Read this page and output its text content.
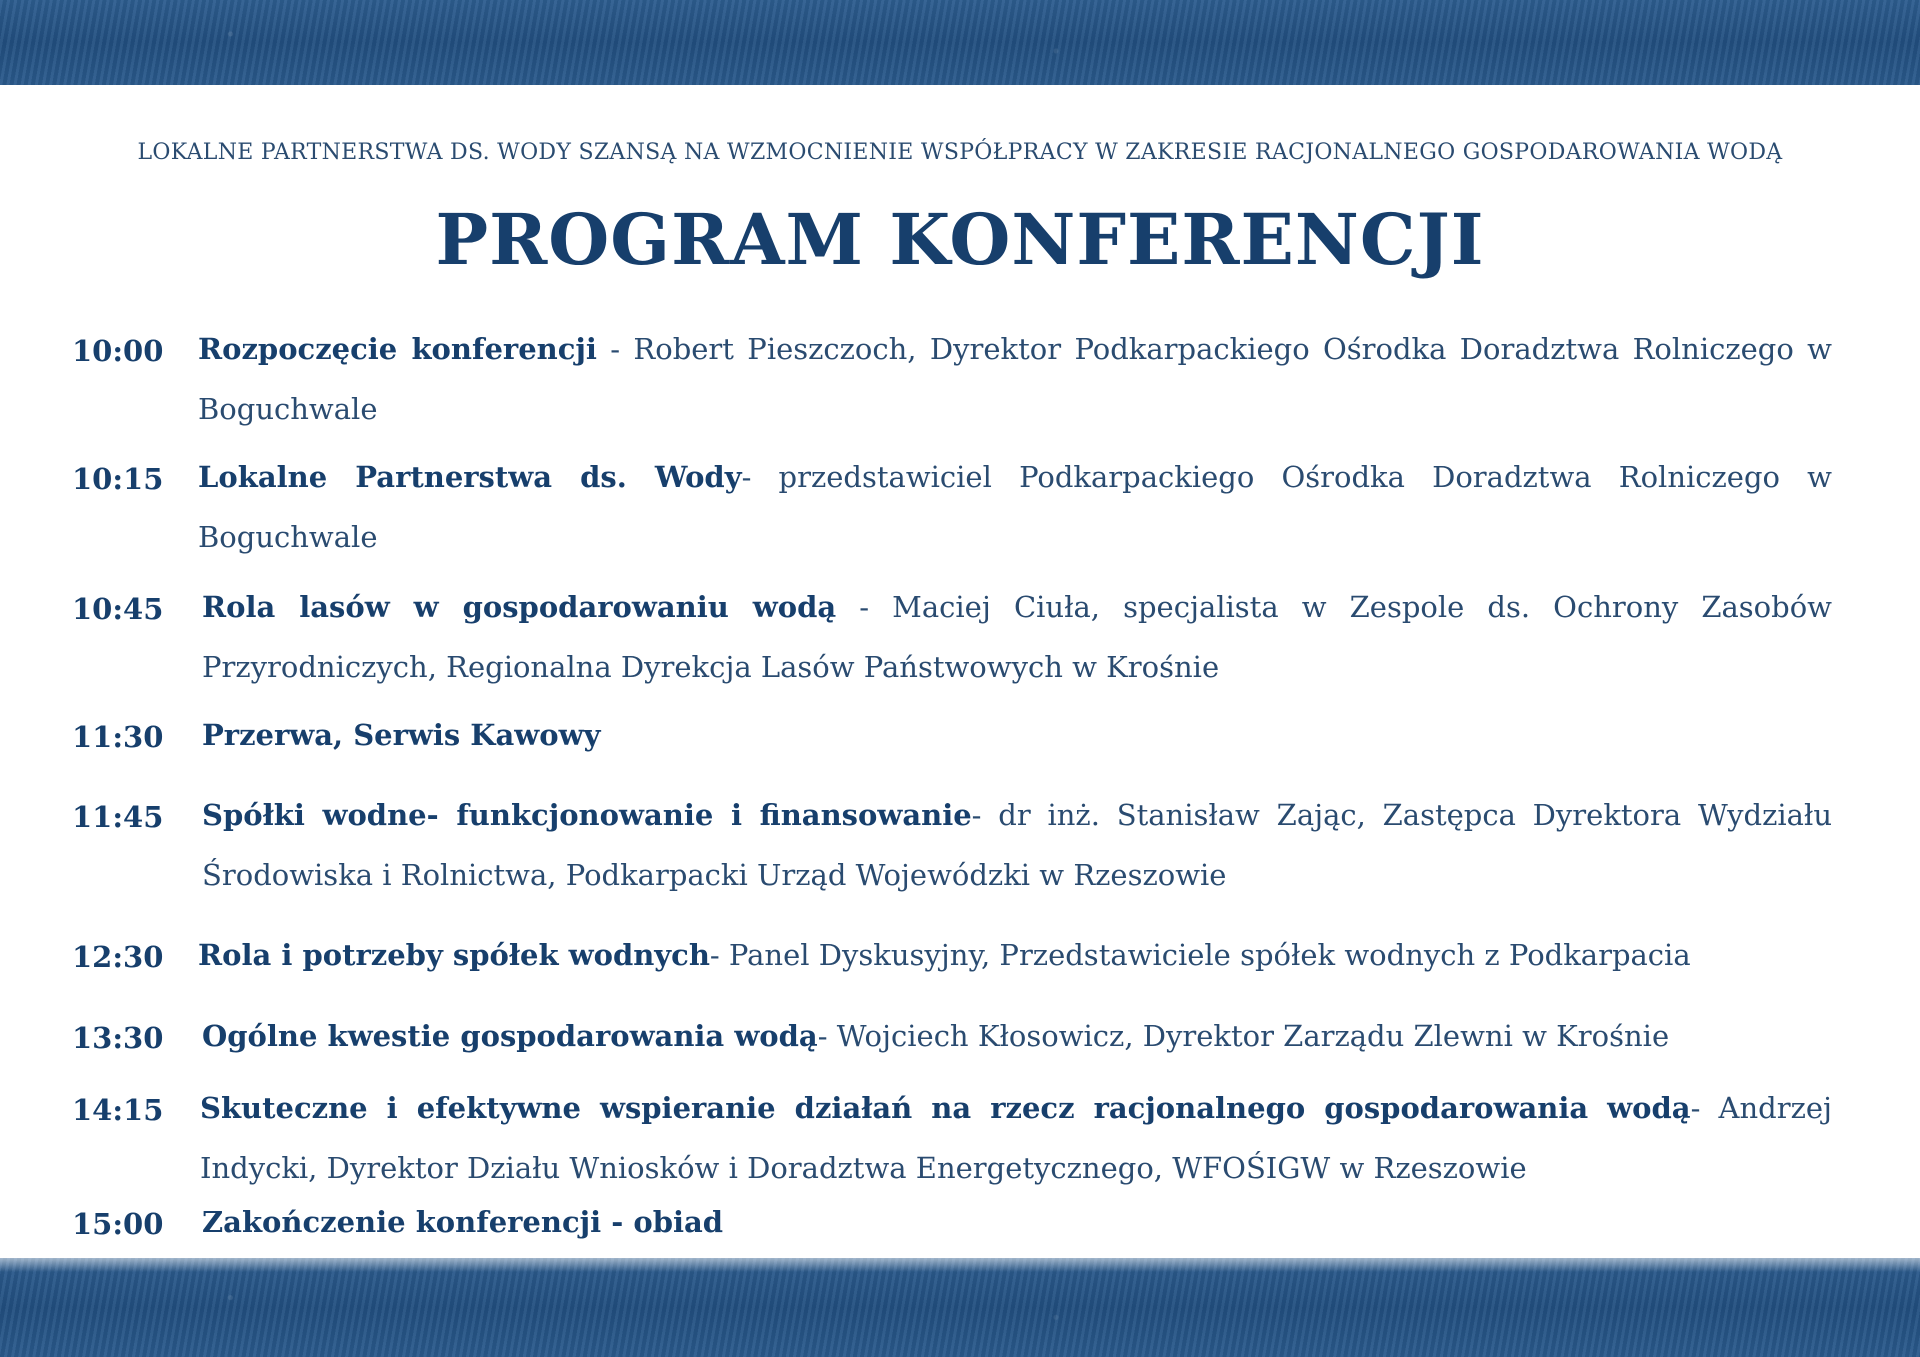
LOKALNE PARTNERSTWA DS. WODY SZANSĄ NA WZMOCNIENIE WSPÓŁPRACY W ZAKRESIE RACJONALNEGO GOSPODAROWANIA WODĄ
PROGRAM KONFERENCJI
10:00	Rozpoczęcie konferencji - Robert Pieszczoch, Dyrektor Podkarpackiego Ośrodka Doradztwa Rolniczego w Boguchwale
10:15	Lokalne Partnerstwa ds. Wody- przedstawiciel Podkarpackiego Ośrodka Doradztwa Rolniczego w Boguchwale
10:45	Rola lasów w gospodarowaniu wodą - Maciej Ciuła, specjalista w Zespole ds. Ochrony Zasobów Przyrodniczych, Regionalna Dyrekcja Lasów Państwowych w Krośnie
11:30	Przerwa, Serwis Kawowy
11:45	Spółki wodne- funkcjonowanie i finansowanie- dr inż. Stanisław Zając, Zastępca Dyrektora Wydziału Środowiska i Rolnictwa, Podkarpacki Urząd Wojewódzki w Rzeszowie
12:30	Rola i potrzeby spółek wodnych- Panel Dyskusyjny, Przedstawiciele spółek wodnych z Podkarpacia
13:30	Ogólne kwestie gospodarowania wodą- Wojciech Kłosowicz, Dyrektor Zarządu Zlewni w Krośnie
14:15	Skuteczne i efektywne wspieranie działań na rzecz racjonalnego gospodarowania wodą- Andrzej Indycki, Dyrektor Działu Wniosków i Doradztwa Energetycznego, WFOŚIGW w Rzeszowie
15:00	Zakończenie konferencji - obiad
